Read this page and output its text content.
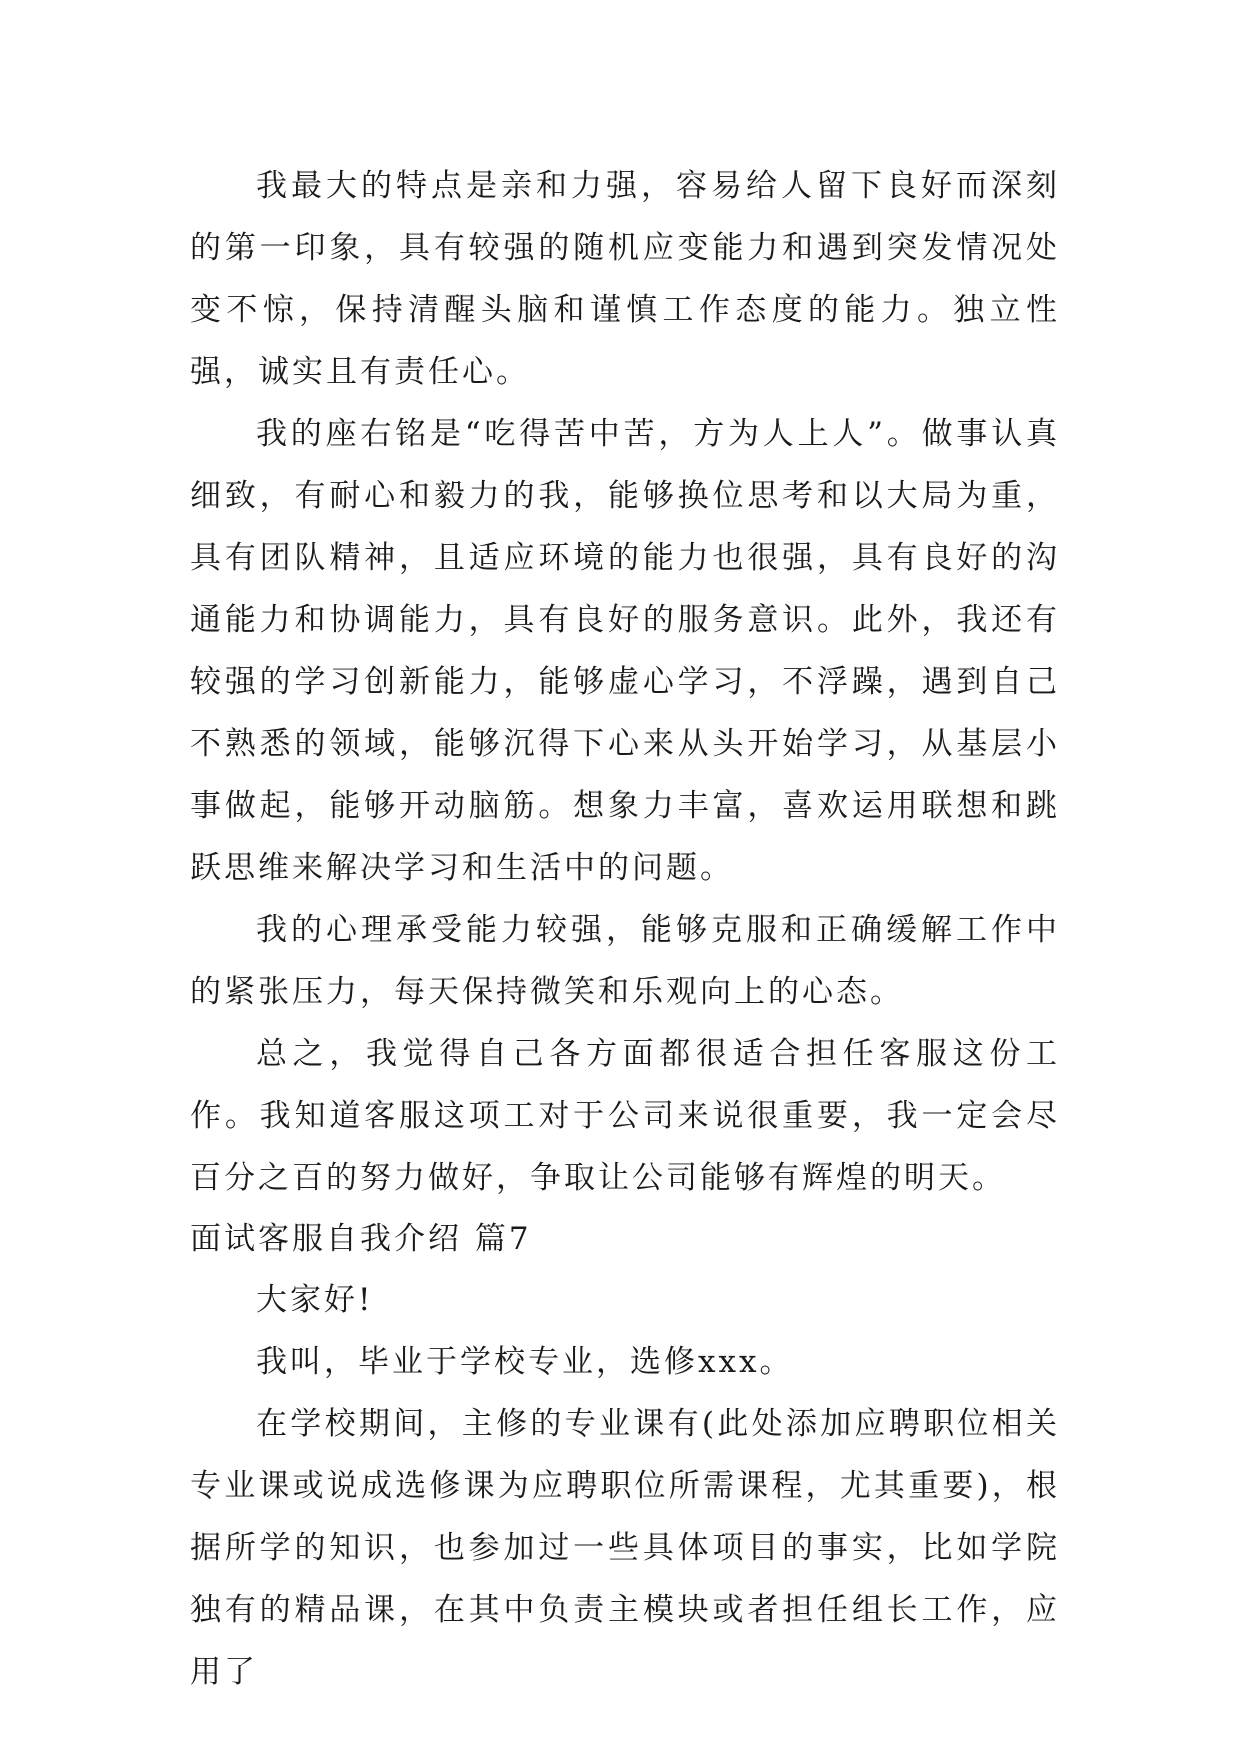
我最大的特点是亲和力强，容易给人留下良好而深刻的第一印象，具有较强的随机应变能力和遇到突发情况处变不惊，保持清醒头脑和谨慎工作态度的能力。独立性强，诚实且有责任心。

我的座右铭是“吃得苦中苦，方为人上人”。做事认真细致，有耐心和毅力的我，能够换位思考和以大局为重，具有团队精神，且适应环境的能力也很强，具有良好的沟通能力和协调能力，具有良好的服务意识。此外，我还有较强的学习创新能力，能够虚心学习，不浮躁，遇到自己不熟悉的领域，能够沉得下心来从头开始学习，从基层小事做起，能够开动脑筋。想象力丰富，喜欢运用联想和跳跃思维来解决学习和生活中的问题。

我的心理承受能力较强，能够克服和正确缓解工作中的紧张压力，每天保持微笑和乐观向上的心态。

总之，我觉得自己各方面都很适合担任客服这份工作。我知道客服这项工对于公司来说很重要，我一定会尽百分之百的努力做好，争取让公司能够有辉煌的明天。

面试客服自我介绍 篇7

大家好!

我叫，毕业于学校专业，选修xxx。

在学校期间，主修的专业课有(此处添加应聘职位相关专业课或说成选修课为应聘职位所需课程，尤其重要)，根据所学的知识，也参加过一些具体项目的事实，比如学院独有的精品课，在其中负责主模块或者担任组长工作，应用了
